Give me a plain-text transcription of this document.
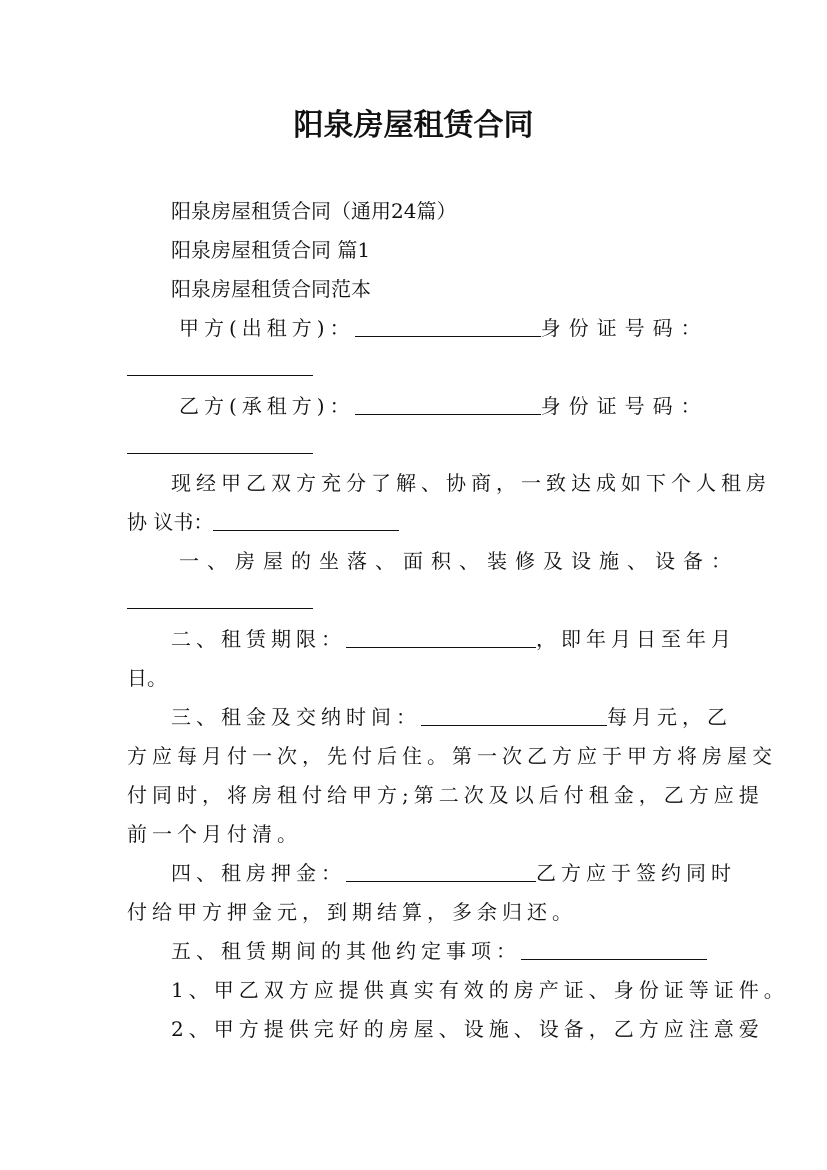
阳泉房屋租赁合同
阳泉房屋租赁合同（通用24篇）
阳泉房屋租赁合同 篇1
阳泉房屋租赁合同范本
甲方(出租方)：	身份证号码：
乙方(承租方)：	身份证号码：
现经甲乙双方充分了解、协商，一致达成如下个人租房
协 议书：
一、房屋的坐落、面积、装修及设施、设备：
二、租赁期限：	，即年月日至年月
日。
三、租金及交纳时间：	每月元，乙
方应每月付一次，先付后住。第一次乙方应于甲方将房屋交
付同时，将房租付给甲方;第二次及以后付租金，乙方应提
前一个月付清。
四、租房押金：	乙方应于签约同时
付给甲方押金元，到期结算，多余归还。
五、租赁期间的其他约定事项：
1、甲乙双方应提供真实有效的房产证、身份证等证件。
2、甲方提供完好的房屋、设施、设备，乙方应注意爱
